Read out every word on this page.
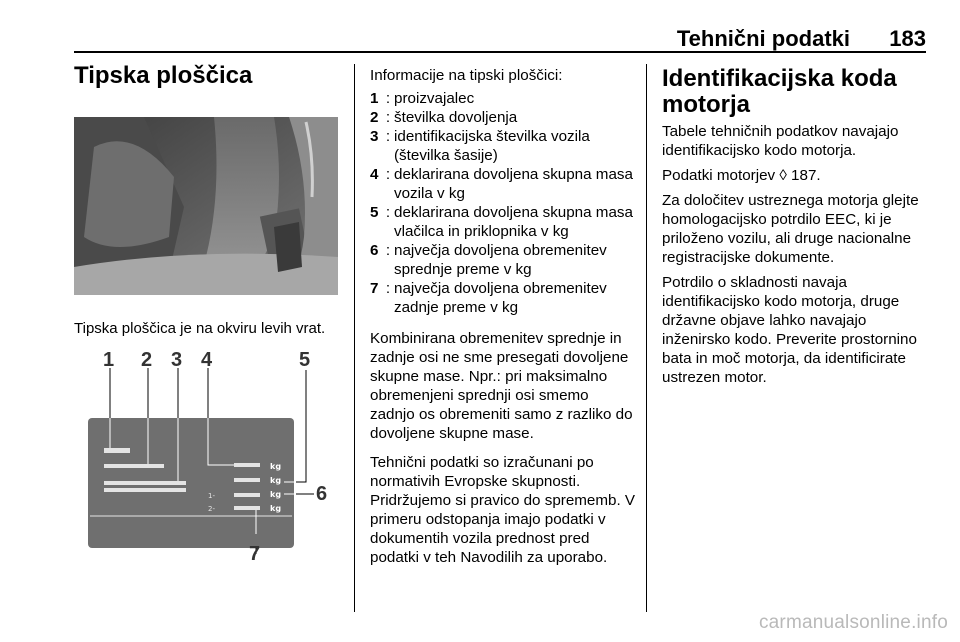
Tehnični podatki 183
Tipska ploščica
Tipska ploščica je na okviru levih vrat.
1-
2-
kg
kg
kg
kg
1 2 3 4	5
6
7

Informacije na tipski ploščici:

1 : proizvajalec
2 : številka dovoljenja
3 : identifikacijska številka vozila (številka šasije)
4 : deklarirana dovoljena skupna masa vozila v kg
5 : deklarirana dovoljena skupna masa vlačilca in priklopnika v kg
6 : največja dovoljena obremenitev sprednje preme v kg
7 : največja dovoljena obremenitev zadnje preme v kg

Kombinirana obremenitev sprednje in zadnje osi ne sme presegati dovoljene skupne mase. Npr.: pri maksimalno obremenjeni sprednji osi smemo zadnjo os obremeniti samo z razliko do dovoljene skupne mase.

Tehnični podatki so izračunani po normativih Evropske skupnosti. Pridržujemo si pravico do sprememb. V primeru odstopanja imajo podatki v dokumentih vozila prednost pred podatki v teh Navodilih za uporabo.

Identifikacijska koda motorja

Tabele tehničnih podatkov navajajo identifikacijsko kodo motorja.

Podatki motorjev ◊ 187.

Za določitev ustreznega motorja glejte homologacijsko potrdilo EEC, ki je priloženo vozilu, ali druge nacionalne registracijske dokumente.

Potrdilo o skladnosti navaja identifikacijsko kodo motorja, druge državne objave lahko navajajo inženirsko kodo. Preverite prostornino bata in moč motorja, da identificirate ustrezen motor.

carmanualsonline.info
